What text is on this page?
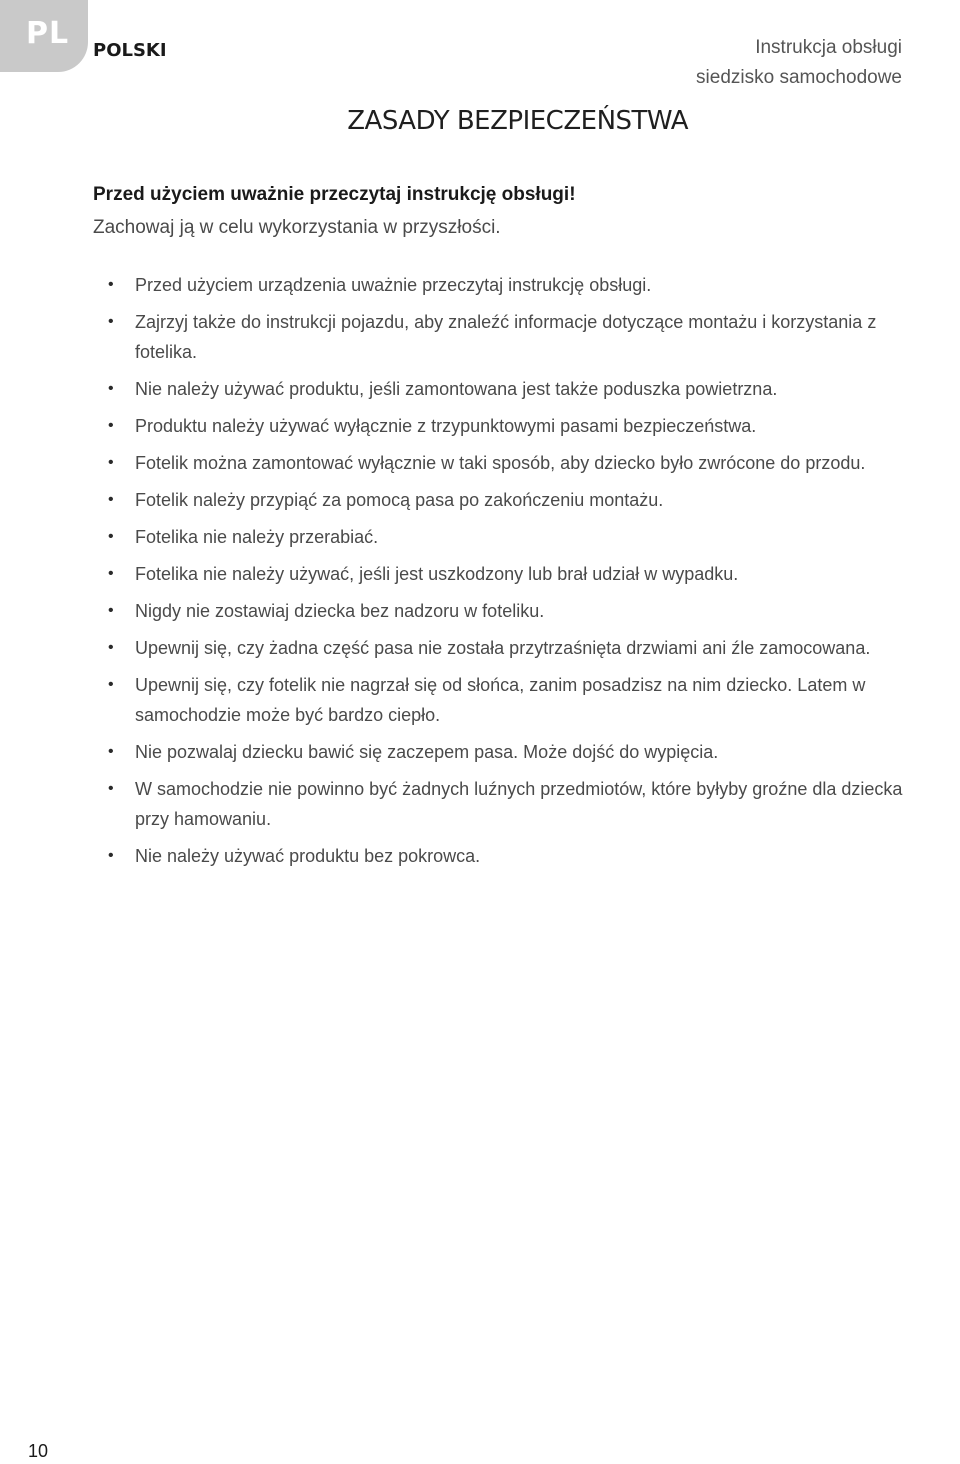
PL POLSKI	Instrukcja obsługi
siedzisko samochodowe
ZASADY BEZPIECZEŃSTWA
Przed użyciem uważnie przeczytaj instrukcję obsługi!
Zachowaj ją w celu wykorzystania w przyszłości.
• Przed użyciem urządzenia uważnie przeczytaj instrukcję obsługi.
• Zajrzyj także do instrukcji pojazdu, aby znaleźć informacje dotyczące montażu i korzystania z fotelika.
• Nie należy używać produktu, jeśli zamontowana jest także poduszka powietrzna.
• Produktu należy używać wyłącznie z trzypunktowymi pasami bezpieczeństwa.
• Fotelik można zamontować wyłącznie w taki sposób, aby dziecko było zwrócone do przodu.
• Fotelik należy przypiąć za pomocą pasa po zakończeniu montażu.
• Fotelika nie należy przerabiać.
• Fotelika nie należy używać, jeśli jest uszkodzony lub brał udział w wypadku.
• Nigdy nie zostawiaj dziecka bez nadzoru w foteliku.
• Upewnij się, czy żadna część pasa nie została przytrzaśnięta drzwiami ani źle zamocowana.
• Upewnij się, czy fotelik nie nagrzał się od słońca, zanim posadzisz na nim dziecko. Latem w samochodzie może być bardzo ciepło.
• Nie pozwalaj dziecku bawić się zaczepem pasa. Może dojść do wypięcia.
• W samochodzie nie powinno być żadnych luźnych przedmiotów, które byłyby groźne dla dziecka przy hamowaniu.
• Nie należy używać produktu bez pokrowca.
10
